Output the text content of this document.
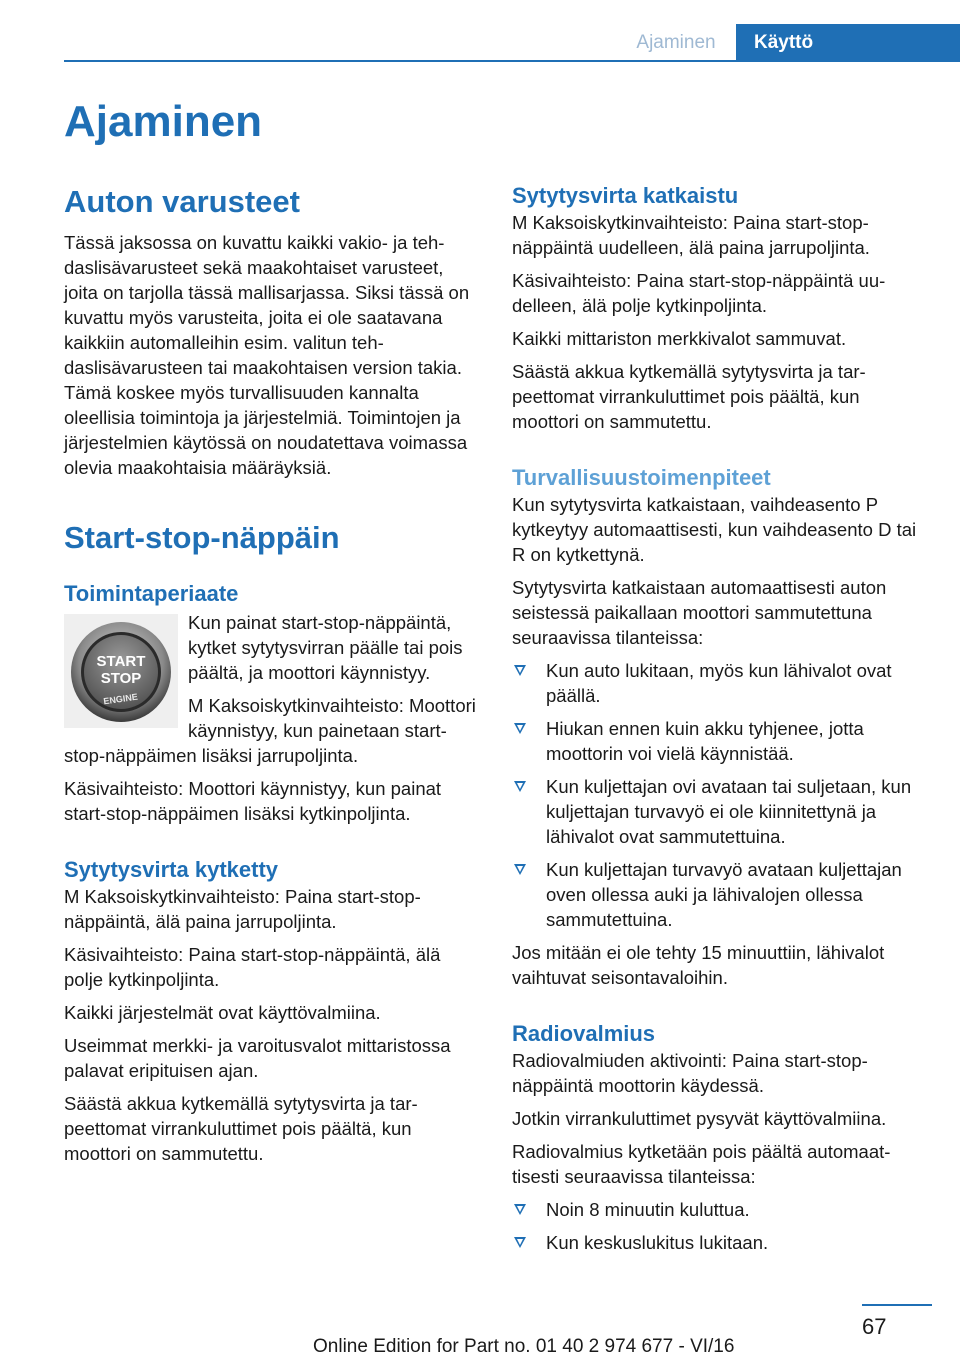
Ajaminen	Käyttö
Ajaminen
Auton varusteet

Tässä jaksossa on kuvattu kaikki vakio- ja tehdaslisävarusteet sekä maakohtaiset varusteet, joita on tarjolla tässä mallisarjassa. Siksi tässä on kuvattu myös varusteita, joita ei ole saatavana kaikkiin automalleihin esim. valitun tehdaslisävarusteen tai maakohtaisen version takia. Tämä koskee myös turvallisuuden kannalta oleellisia toimintoja ja järjestelmiä. Toimintojen ja järjestelmien käytössä on noudatettava voimassa olevia maakohtaisia määräyksiä.

Start-stop-näppäin
Toimintaperiaate
START
STOP
ENGINE

Kun painat start-stop-näppäintä, kytket sytytysvirran päälle tai pois päältä, ja moottori käynnistyy.

M Kaksoiskytkinvaihteisto: Moottori käynnistyy, kun painetaan start-stop-näppäimen lisäksi jarrupoljinta.

Käsivaihteisto: Moottori käynnistyy, kun painat start-stop-näppäimen lisäksi kytkinpoljinta.

Sytytysvirta kytketty

M Kaksoiskytkinvaihteisto: Paina start-stop-näppäintä, älä paina jarrupoljinta.

Käsivaihteisto: Paina start-stop-näppäintä, älä polje kytkinpoljinta.

Kaikki järjestelmät ovat käyttövalmiina.

Useimmat merkki- ja varoitusvalot mittaristossa palavat eripituisen ajan.

Säästä akkua kytkemällä sytytysvirta ja tarpeettomat virrankuluttimet pois päältä, kun moottori on sammutettu.

Sytytysvirta katkaistu

M Kaksoiskytkinvaihteisto: Paina start-stop-näppäintä uudelleen, älä paina jarrupoljinta.

Käsivaihteisto: Paina start-stop-näppäintä uudelleen, älä polje kytkinpoljinta.

Kaikki mittariston merkkivalot sammuvat.

Säästä akkua kytkemällä sytytysvirta ja tarpeettomat virrankuluttimet pois päältä, kun moottori on sammutettu.

Turvallisuustoimenpiteet

Kun sytytysvirta katkaistaan, vaihdeasento P kytkeytyy automaattisesti, kun vaihdeasento D tai R on kytkettynä.

Sytytysvirta katkaistaan automaattisesti auton seistessä paikallaan moottori sammutettuna seuraavissa tilanteissa:

Kun auto lukitaan, myös kun lähivalot ovat päällä.
Hiukan ennen kuin akku tyhjenee, jotta moottorin voi vielä käynnistää.
Kun kuljettajan ovi avataan tai suljetaan, kun kuljettajan turvavyö ei ole kiinnitettynä ja lähivalot ovat sammutettuina.
Kun kuljettajan turvavyö avataan kuljettajan oven ollessa auki ja lähivalojen ollessa sammutettuina.

Jos mitään ei ole tehty 15 minuuttiin, lähivalot vaihtuvat seisontavaloihin.

Radiovalmius

Radiovalmiuden aktivointi: Paina start-stop-näppäintä moottorin käydessä.

Jotkin virrankuluttimet pysyvät käyttövalmiina.

Radiovalmius kytketään pois päältä automaattisesti seuraavissa tilanteissa:

Noin 8 minuutin kuluttua.
Kun keskuslukitus lukitaan.
67
Online Edition for Part no. 01 40 2 974 677 - VI/16
